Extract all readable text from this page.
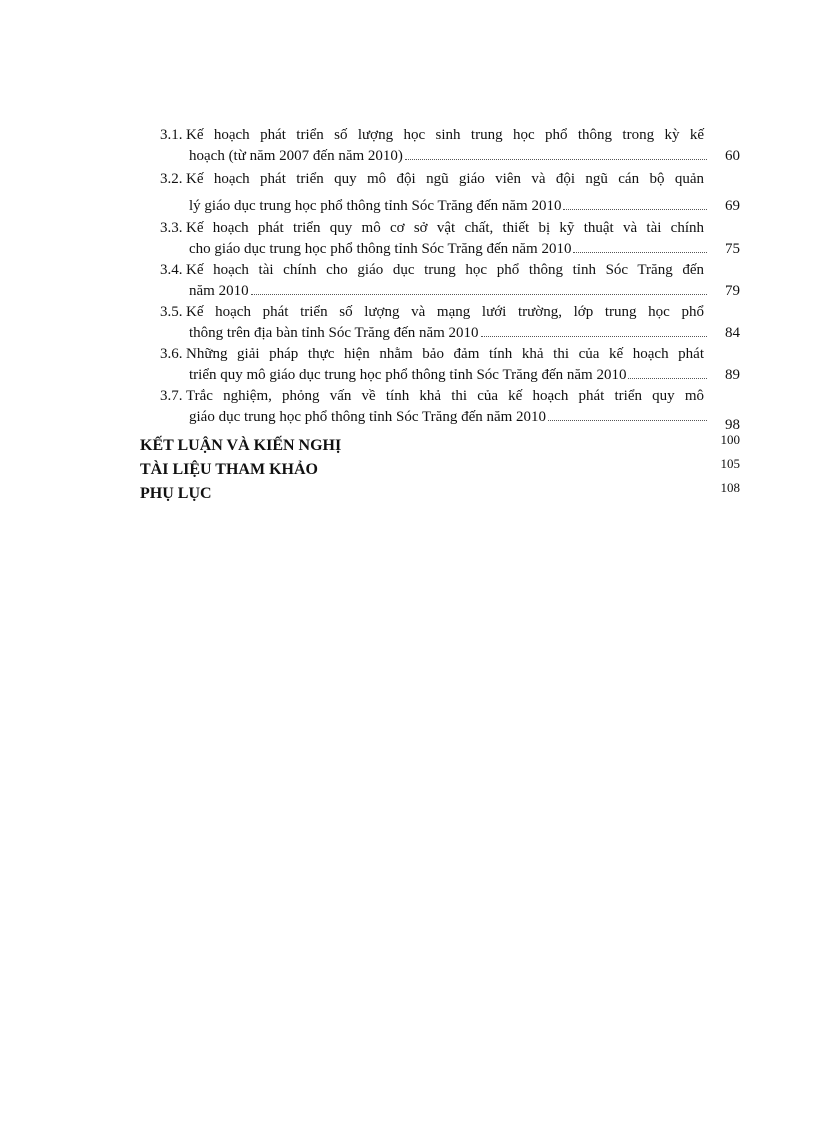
3.1. Kế hoạch phát triển số lượng học sinh trung học phổ thông trong kỳ kế
hoạch (từ năm 2007 đến năm 2010)	60
3.2. Kế hoạch phát triển quy mô đội ngũ giáo viên và đội ngũ cán bộ quản
lý giáo dục trung học phổ thông tỉnh Sóc Trăng đến năm 2010	69
3.3. Kế hoạch phát triển quy mô cơ sở vật chất, thiết bị kỹ thuật và tài chính
cho giáo dục trung học phổ thông tỉnh Sóc Trăng đến năm 2010	75
3.4. Kế hoạch tài chính cho giáo dục trung học phổ thông tỉnh Sóc Trăng đến
năm 2010	79
3.5. Kế hoạch phát triển số lượng và mạng lưới trường, lớp trung học phổ
thông trên địa bàn tỉnh Sóc Trăng đến năm 2010	84
3.6. Những giải pháp thực hiện nhằm bảo đảm tính khả thi của kế hoạch phát
triển quy mô giáo dục trung học phổ thông tỉnh Sóc Trăng đến năm 2010	89
3.7. Trắc nghiệm, phỏng vấn về tính khả thi của kế hoạch phát triển quy mô
giáo dục trung học phổ thông tỉnh Sóc Trăng đến năm 2010	98
KẾT LUẬN VÀ KIẾN NGHỊ	100
TÀI LIỆU THAM KHẢO	105
PHỤ LỤC	108
